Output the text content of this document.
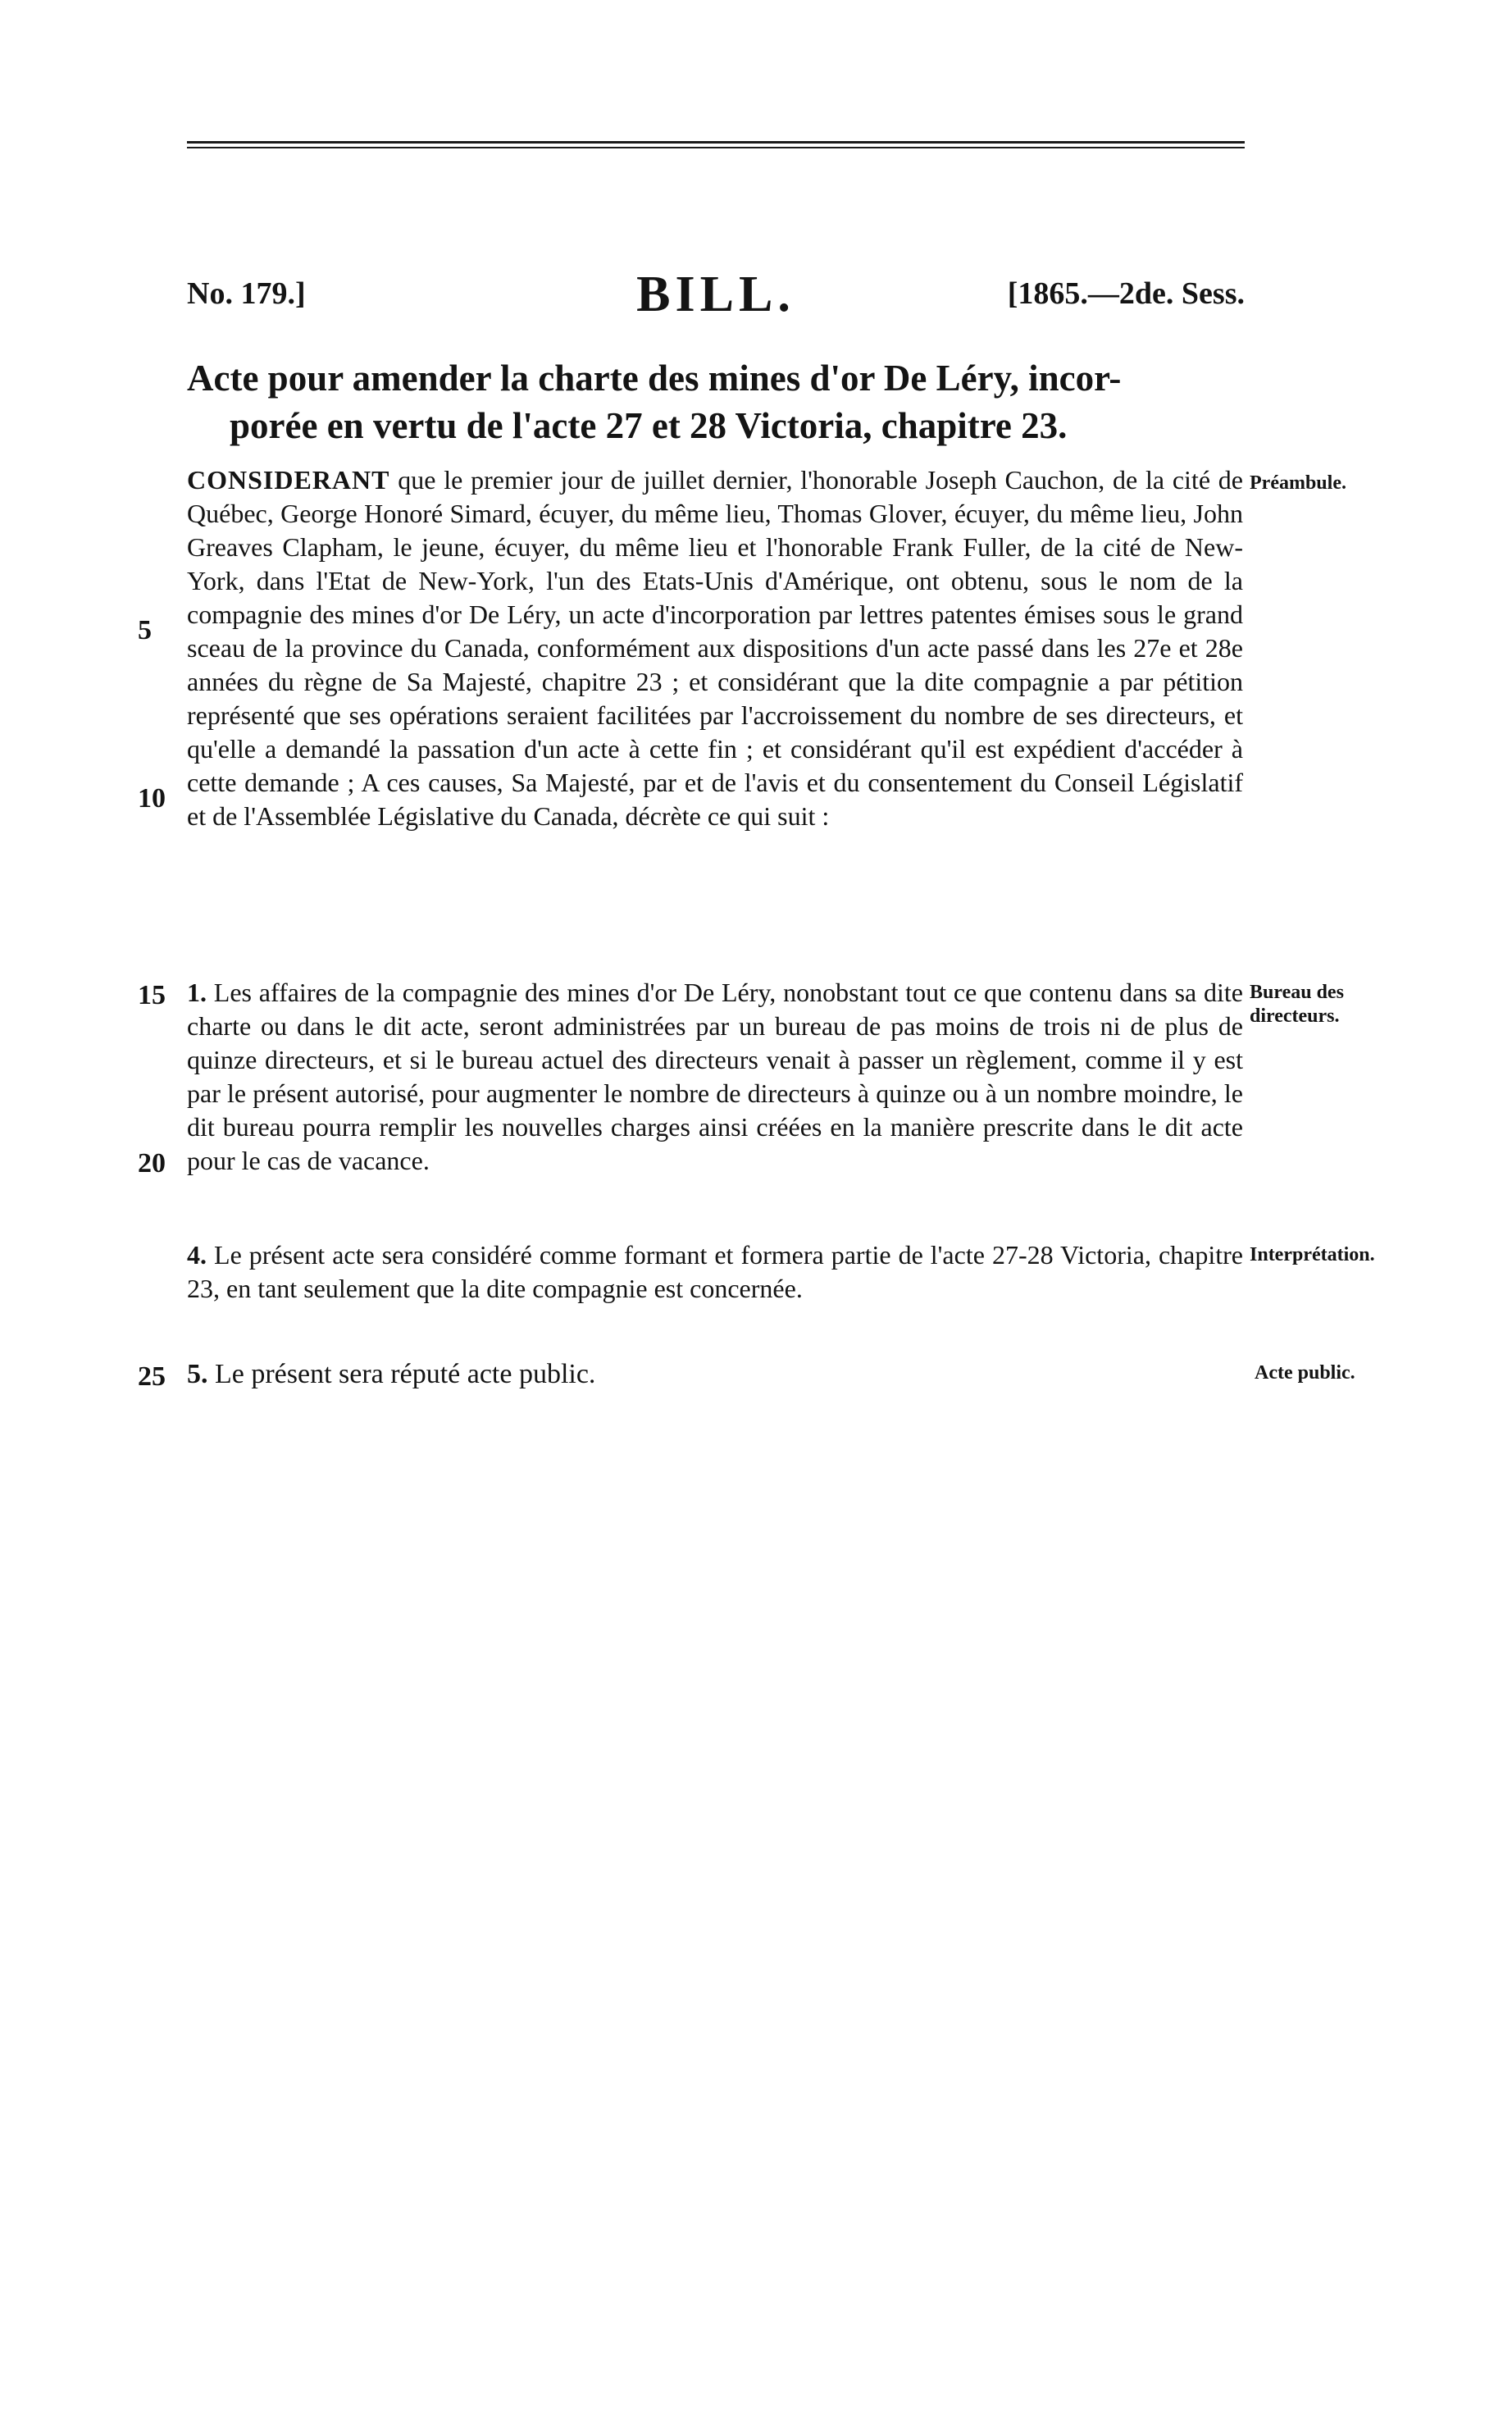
No. 179.]	BILL.	[1865.—2de. Sess.
Acte pour amender la charte des mines d'or De Léry, incor-
porée en vertu de l'acte 27 et 28 Victoria, chapitre 23.

CONSIDERANT que le premier jour de juillet dernier, l'honorable Joseph Cauchon, de la cité de Québec, George Honoré Simard, écuyer, du même lieu, Thomas Glover, écuyer, du même lieu, John Greaves Clapham, le jeune, écuyer, du même lieu et l'honorable Frank Fuller, de la cité de New-York, dans l'Etat de New-York, l'un des Etats-Unis d'Amérique, ont obtenu, sous le nom de la compagnie des mines d'or De Léry, un acte d'incorporation par lettres patentes émises sous le grand sceau de la province du Canada, conformément aux dispositions d'un acte passé dans les 27e et 28e années du règne de Sa Majesté, chapitre 23 ; et considérant que la dite compagnie a par pétition représenté que ses opérations seraient facilitées par l'accroissement du nombre de ses directeurs, et qu'elle a demandé la passation d'un acte à cette fin ; et considérant qu'il est expédient d'accéder à cette demande ; A ces causes, Sa Majesté, par et de l'avis et du consentement du Conseil Législatif et de l'Assemblée Législative du Canada, décrète ce qui suit :

1. Les affaires de la compagnie des mines d'or De Léry, nonobstant tout ce que contenu dans sa dite charte ou dans le dit acte, seront administrées par un bureau de pas moins de trois ni de plus de quinze directeurs, et si le bureau actuel des directeurs venait à passer un règlement, comme il y est par le présent autorisé, pour augmenter le nombre de directeurs à quinze ou à un nombre moindre, le dit bureau pourra remplir les nouvelles charges ainsi créées en la manière prescrite dans le dit acte pour le cas de vacance.

4. Le présent acte sera considéré comme formant et formera partie de l'acte 27-28 Victoria, chapitre 23, en tant seulement que la dite compagnie est concernée.

5. Le présent sera réputé acte public.

5
10
15
20
25
Préambule.
Bureau des directeurs.
Interprétation.
Acte public.
